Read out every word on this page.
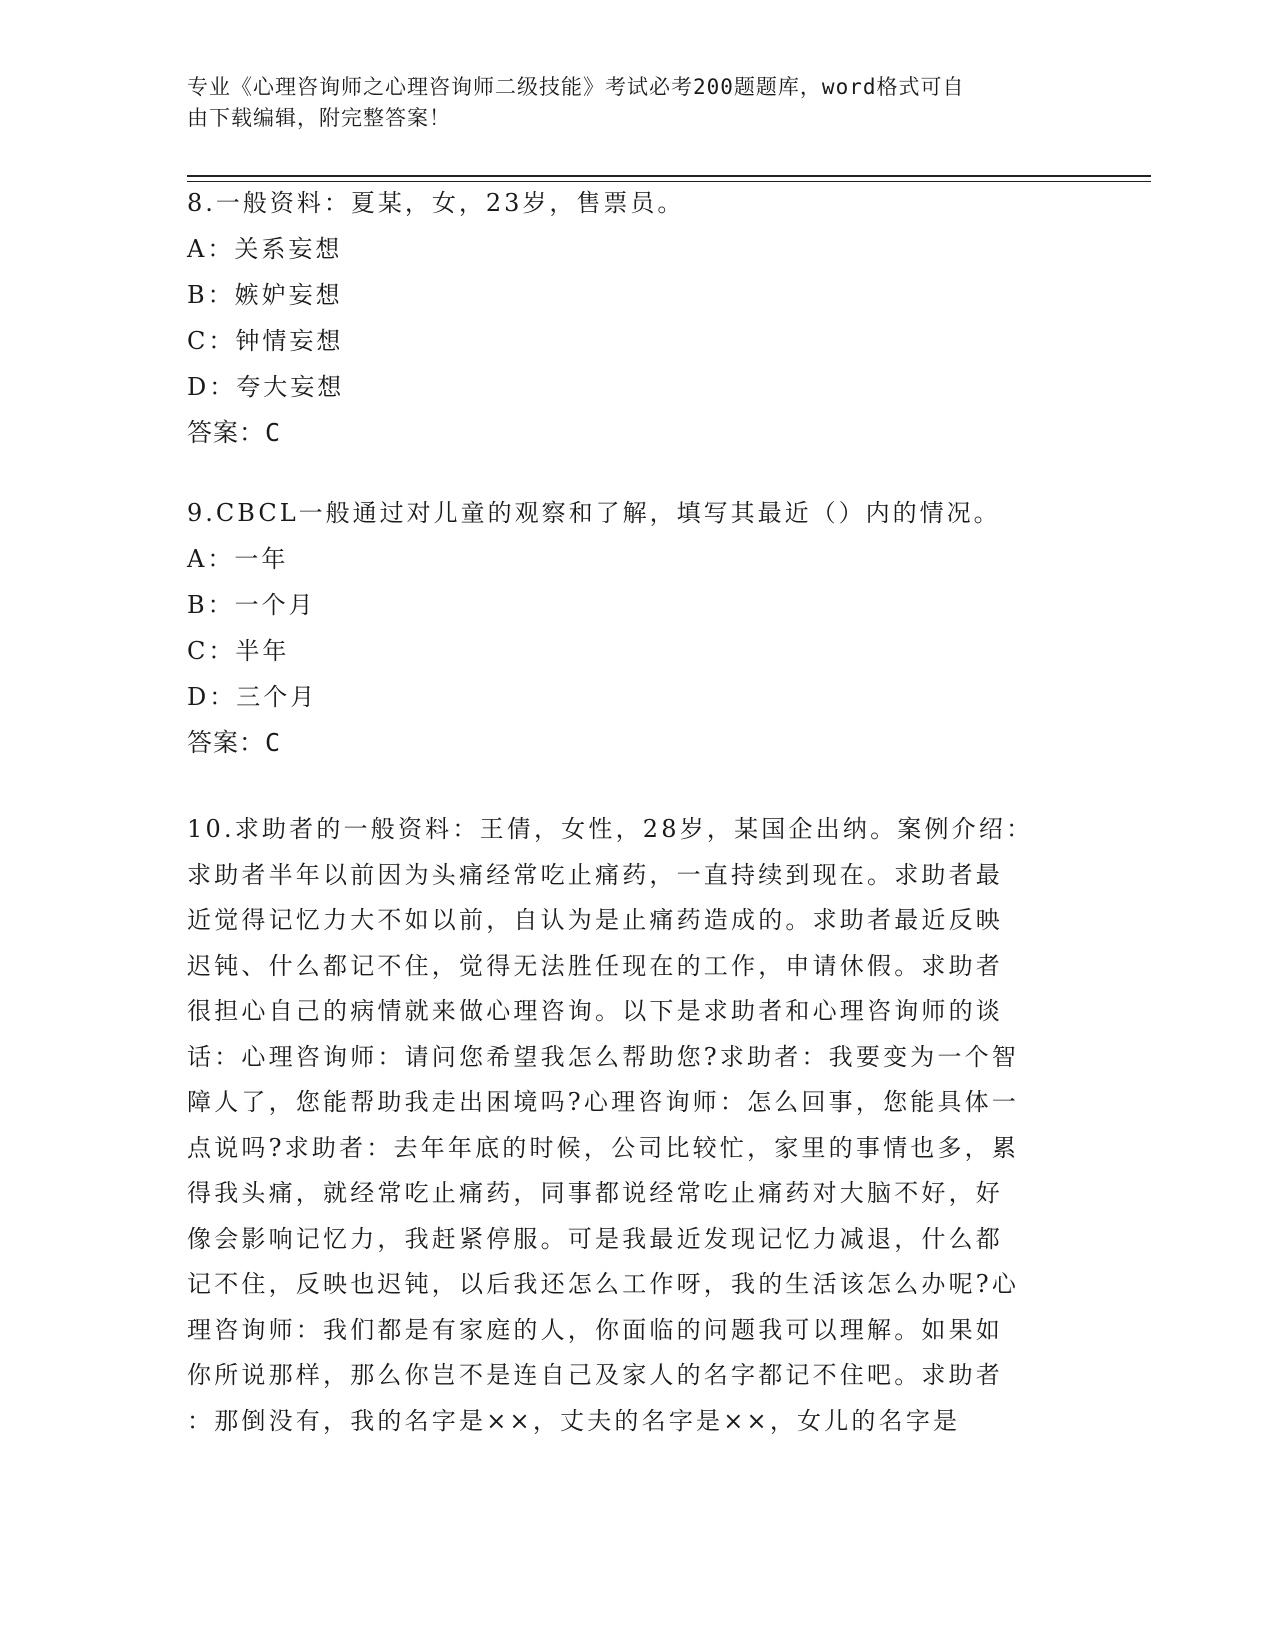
专业《心理咨询师之心理咨询师二级技能》考试必考200题题库，word格式可自
由下载编辑，附完整答案！
8.一般资料：夏某，女，23岁，售票员。
A：关系妄想
B：嫉妒妄想
C：钟情妄想
D：夸大妄想
答案：C
9.CBCL一般通过对儿童的观察和了解，填写其最近（）内的情况。
A：一年
B：一个月
C：半年
D：三个月
答案：C
10.求助者的一般资料：王倩，女性，28岁，某国企出纳。案例介绍：
求助者半年以前因为头痛经常吃止痛药，一直持续到现在。求助者最
近觉得记忆力大不如以前，自认为是止痛药造成的。求助者最近反映
迟钝、什么都记不住，觉得无法胜任现在的工作，申请休假。求助者
很担心自己的病情就来做心理咨询。以下是求助者和心理咨询师的谈
话：心理咨询师：请问您希望我怎么帮助您?求助者：我要变为一个智
障人了，您能帮助我走出困境吗?心理咨询师：怎么回事，您能具体一
点说吗?求助者：去年年底的时候，公司比较忙，家里的事情也多，累
得我头痛，就经常吃止痛药，同事都说经常吃止痛药对大脑不好，好
像会影响记忆力，我赶紧停服。可是我最近发现记忆力减退，什么都
记不住，反映也迟钝，以后我还怎么工作呀，我的生活该怎么办呢?心
理咨询师：我们都是有家庭的人，你面临的问题我可以理解。如果如
你所说那样，那么你岂不是连自己及家人的名字都记不住吧。求助者
：那倒没有，我的名字是××，丈夫的名字是××，女儿的名字是
